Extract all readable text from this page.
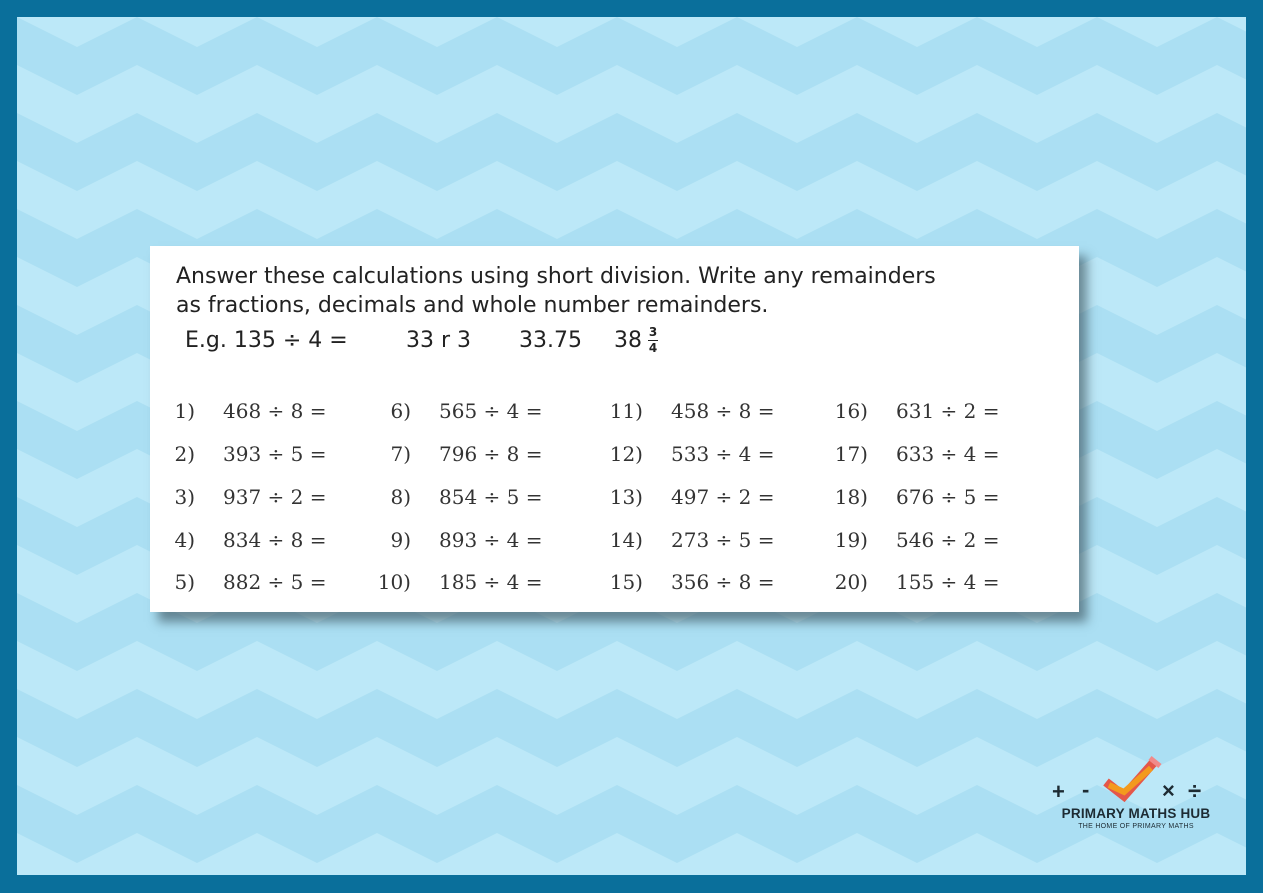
Answer these calculations using short division. Write any remainders

as fractions, decimals and whole number remainders.

E.g. 135 ÷ 4 =	33 r 3	33.75	$38 \frac{3}{4}$
1) 468 ÷ 8 =
2) 393 ÷ 5 =
3) 937 ÷ 2 =
4) 834 ÷ 8 =
5) 882 ÷ 5 =
6) 565 ÷ 4 =
7) 796 ÷ 8 =
8) 854 ÷ 5 =
9) 893 ÷ 4 =
10) 185 ÷ 4 =
11) 458 ÷ 8 =
12) 533 ÷ 4 =
13) 497 ÷ 2 =
14) 273 ÷ 5 =
15) 356 ÷ 8 =
16) 631 ÷ 2 =
17) 633 ÷ 4 =
18) 676 ÷ 5 =
19) 546 ÷ 2 =
20) 155 ÷ 4 =
+ -	× ÷
PRIMARY MATHS HUB
THE HOME OF PRIMARY MATHS
